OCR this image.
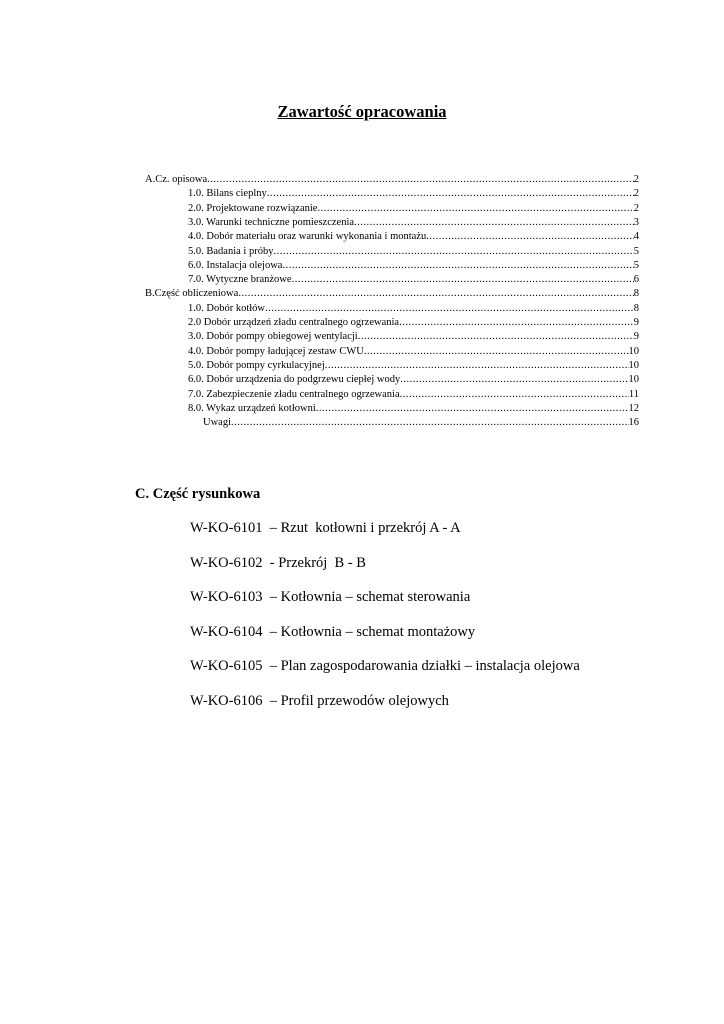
Zawartość opracowania
A.Cz. opisowa .....	2
1.0. Bilans cieplny .....	2
2.0. Projektowane rozwiązanie .....	2
3.0. Warunki techniczne pomieszczenia .....	3
4.0. Dobór materiału oraz warunki wykonania i montażu .....	4
5.0. Badania i próby .....	5
6.0. Instalacja olejowa .....	5
7.0. Wytyczne branżowe .....	6
B.Część obliczeniowa .....	8
1.0. Dobór kotłów .....	8
2.0 Dobór urządzeń zładu centralnego ogrzewania .....	9
3.0. Dobór pompy obiegowej wentylacji .....	9
4.0. Dobór pompy ładującej zestaw CWU .....	10
5.0. Dobór pompy cyrkulacyjnej .....	10
6.0. Dobór urządzenia do podgrzewu ciepłej wody .....	10
7.0. Zabezpieczenie zładu centralnego ogrzewania .....	11
8.0. Wykaz urządzeń kotłowni .....	12
Uwagi .....	16
C. Część rysunkowa
W-KO-6101  – Rzut  kotłowni i przekrój A - A
W-KO-6102  - Przekrój  B - B
W-KO-6103  – Kotłownia – schemat sterowania
W-KO-6104  – Kotłownia – schemat montażowy
W-KO-6105  – Plan zagospodarowania działki – instalacja olejowa
W-KO-6106  – Profil przewodów olejowych
